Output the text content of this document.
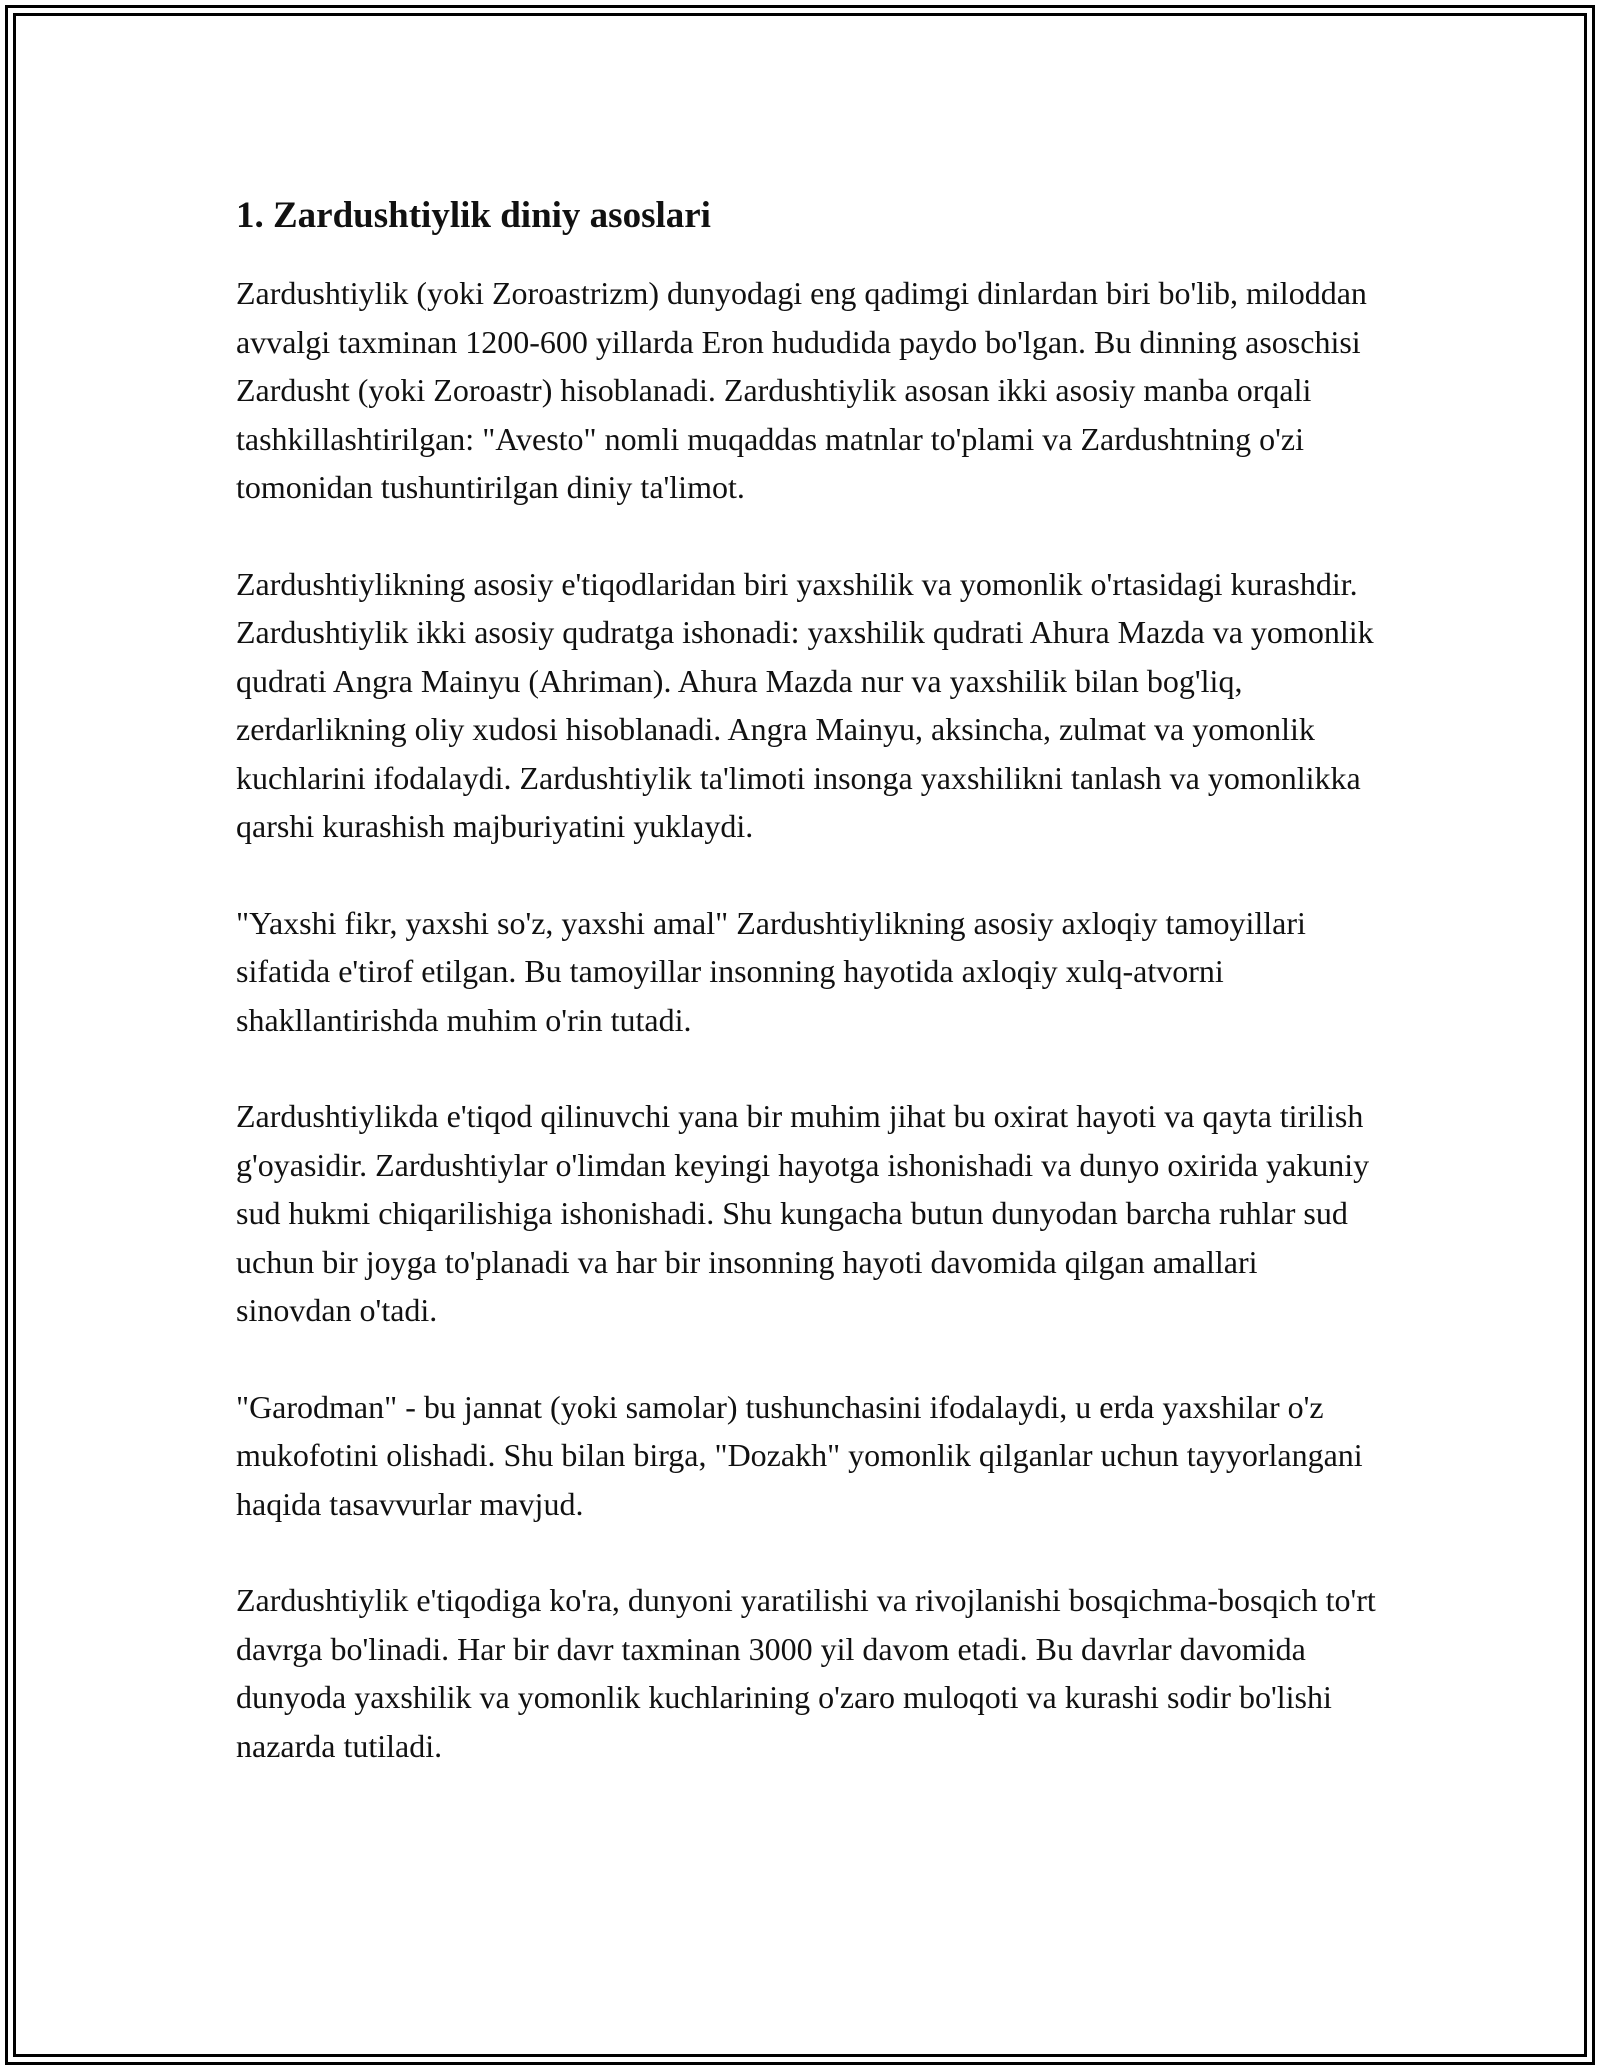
1. Zardushtiylik diniy asoslari

Zardushtiylik (yoki Zoroastrizm) dunyodagi eng qadimgi dinlardan biri bo'lib, miloddan avvalgi taxminan 1200-600 yillarda Eron hududida paydo bo'lgan. Bu dinning asoschisi Zardusht (yoki Zoroastr) hisoblanadi. Zardushtiylik asosan ikki asosiy manba orqali tashkillashtirilgan: "Avesto" nomli muqaddas matnlar to'plami va Zardushtning o'zi tomonidan tushuntirilgan diniy ta'limot.

Zardushtiylikning asosiy e'tiqodlaridan biri yaxshilik va yomonlik o'rtasidagi kurashdir. Zardushtiylik ikki asosiy qudratga ishonadi: yaxshilik qudrati Ahura Mazda va yomonlik qudrati Angra Mainyu (Ahriman). Ahura Mazda nur va yaxshilik bilan bog'liq, zerdarlikning oliy xudosi hisoblanadi. Angra Mainyu, aksincha, zulmat va yomonlik kuchlarini ifodalaydi. Zardushtiylik ta'limoti insonga yaxshilikni tanlash va yomonlikka qarshi kurashish majburiyatini yuklaydi.

"Yaxshi fikr, yaxshi so'z, yaxshi amal" Zardushtiylikning asosiy axloqiy tamoyillari sifatida e'tirof etilgan. Bu tamoyillar insonning hayotida axloqiy xulq-atvorni shakllantirishda muhim o'rin tutadi.

Zardushtiylikda e'tiqod qilinuvchi yana bir muhim jihat bu oxirat hayoti va qayta tirilish g'oyasidir. Zardushtiylar o'limdan keyingi hayotga ishonishadi va dunyo oxirida yakuniy sud hukmi chiqarilishiga ishonishadi. Shu kungacha butun dunyodan barcha ruhlar sud uchun bir joyga to'planadi va har bir insonning hayoti davomida qilgan amallari sinovdan o'tadi.

"Garodman" - bu jannat (yoki samolar) tushunchasini ifodalaydi, u erda yaxshilar o'z mukofotini olishadi. Shu bilan birga, "Dozakh" yomonlik qilganlar uchun tayyorlangani haqida tasavvurlar mavjud.

Zardushtiylik e'tiqodiga ko'ra, dunyoni yaratilishi va rivojlanishi bosqichma-bosqich to'rt davrga bo'linadi. Har bir davr taxminan 3000 yil davom etadi. Bu davrlar davomida dunyoda yaxshilik va yomonlik kuchlarining o'zaro muloqoti va kurashi sodir bo'lishi nazarda tutiladi.
